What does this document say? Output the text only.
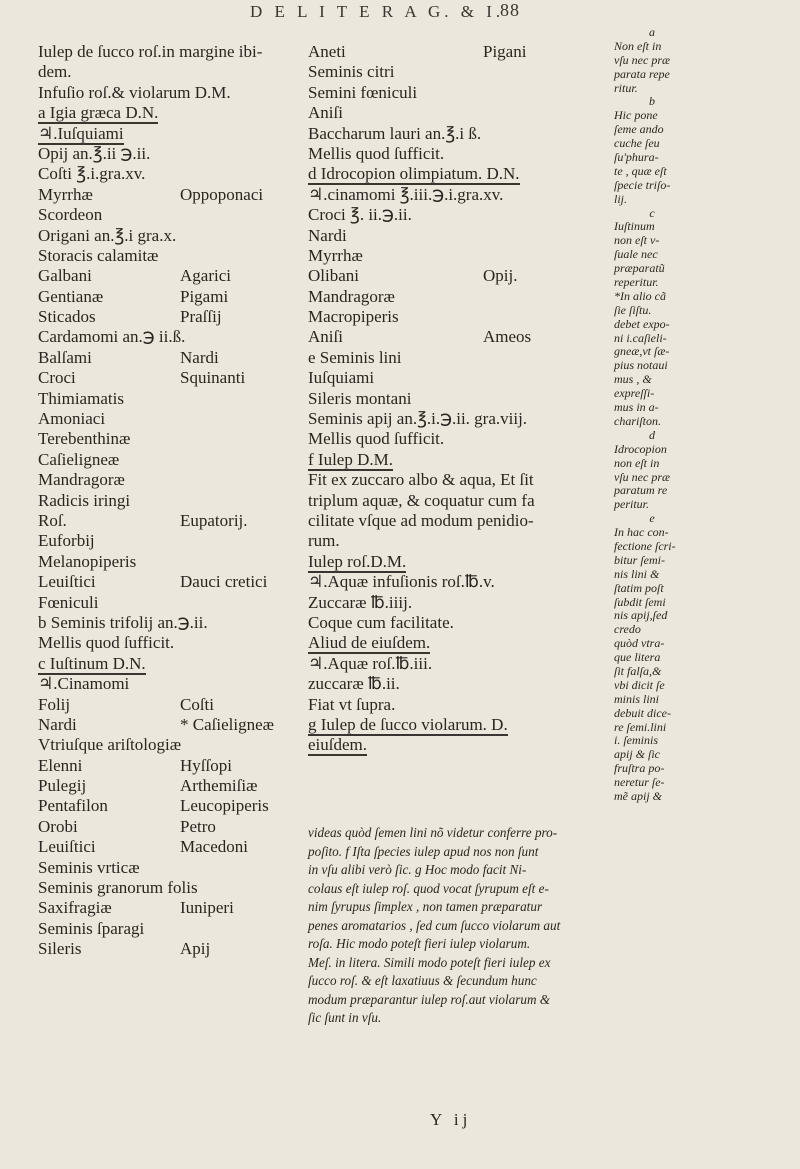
D E L I T E R A G. & I.
88
Iulep de ſucco roſ.in margine ibi-
dem.
Infuſio roſ.& violarum D.M.
a Igia græca D.N.
♃.Iuſquiami
Opij an.℥.ii ℈.ii.
Coſti ℥.i.gra.xv.
Myrrhæ	Oppoponaci
Scordeon
Origani an.℥.i gra.x.
Storacis calamitæ
Galbani	Agarici
Gentianæ	Pigami
Sticados	Praſſij
Cardamomi an.℈ ii.ß.
Balſami	Nardi
Croci	Squinanti
Thimiamatis
Amoniaci
Terebenthinæ
Caſieligneæ
Mandragoræ
Radicis iringi
Roſ.	Eupatorij.
Euforbij
Melanopiperis
Leuiſtici	Dauci cretici
Fœniculi
b Seminis trifolij an.℈.ii.
Mellis quod ſufficit.
c Iuſtinum D.N.
♃.Cinamomi
Folij	Coſti
Nardi	* Caſieligneæ
Vtriuſque ariſtologiæ
Elenni	Hyſſopi
Pulegij	Arthemiſiæ
Pentafilon	Leucopiperis
Orobi	Petro
Leuiſtici	Macedoni
Seminis vrticæ
Seminis granorum folis
Saxifragiæ	Iuniperi
Seminis ſparagi
Sileris	Apij
Aneti	Pigani
Seminis citri
Semini fœniculi
Aniſi
Baccharum lauri an.℥.i ß.
Mellis quod ſufficit.
d Idrocopion olimpiatum. D.N.
♃.cinamomi ℥.iii.℈.i.gra.xv.
Croci ℥. ii.℈.ii.
Nardi
Myrrhæ
Olibani	Opij.
Mandragoræ
Macropiperis
Aniſi	Ameos
e Seminis lini
Iuſquiami
Sileris montani
Seminis apij an.℥.i.℈.ii. gra.viij.
Mellis quod ſufficit.
f Iulep D.M.
Fit ex zuccaro albo & aqua, Et ſit
triplum aquæ, & coquatur cum fa
cilitate vſque ad modum penidio-
rum.
Iulep roſ.D.M.
♃.Aquæ infuſionis roſ.℔.v.
Zuccaræ ℔.iiij.
Coque cum facilitate.
Aliud de eiuſdem.
♃.Aquæ roſ.℔.iii.
zuccaræ ℔.ii.
Fiat vt ſupra.
g Iulep de ſucco violarum. D.
eiuſdem.
a
Non eſt in
vſu nec præ
parata repe
ritur.
b
Hic pone
ſeme ando
cuche ſeu
ſu'phura-
te , quæ eſt
ſpecie triſo-
lij.
c
Iuſtinum
non eſt v-
ſuale nec
præparatũ
reperitur.
*In alio cã
ſie ſiſtu.
debet expo-
ni i.caſieli-
gneæ,vt ſæ-
pius notaui
mus , &
expreſſi-
mus in a-
chariſton.
d
Idrocopion
non eſt in
vſu nec præ
paratum re
peritur.
e
In hac con-
fectione ſcri-
bitur ſemi-
nis lini &
ſtatim poſt
ſubdit ſemi
nis apij,ſed
credo
quòd vtra-
que litera
ſit falſa,&
vbi dicit ſe
minis lini
debuit dice-
re ſemi.lini
i. ſeminis
apij & ſic
fruſtra po-
neretur ſe-
mẽ apij &
videas quòd ſemen lini nõ videtur conferre pro-
poſito. f Iſta ſpecies iulep apud nos non ſunt
in vſu alibi verò ſic. g Hoc modo facit Ni-
colaus eſt iulep roſ. quod vocat ſyrupum eſt e-
nim ſyrupus ſimplex , non tamen præparatur
penes aromatarios , ſed cum ſucco violarum aut
roſa. Hic modo poteſt fieri iulep violarum.
Meſ. in litera. Simili modo poteſt fieri iulep ex
ſucco roſ. & eſt laxatiuus & ſecundum hunc
modum præparantur iulep roſ.aut violarum &
ſic ſunt in vſu.
Y ij
